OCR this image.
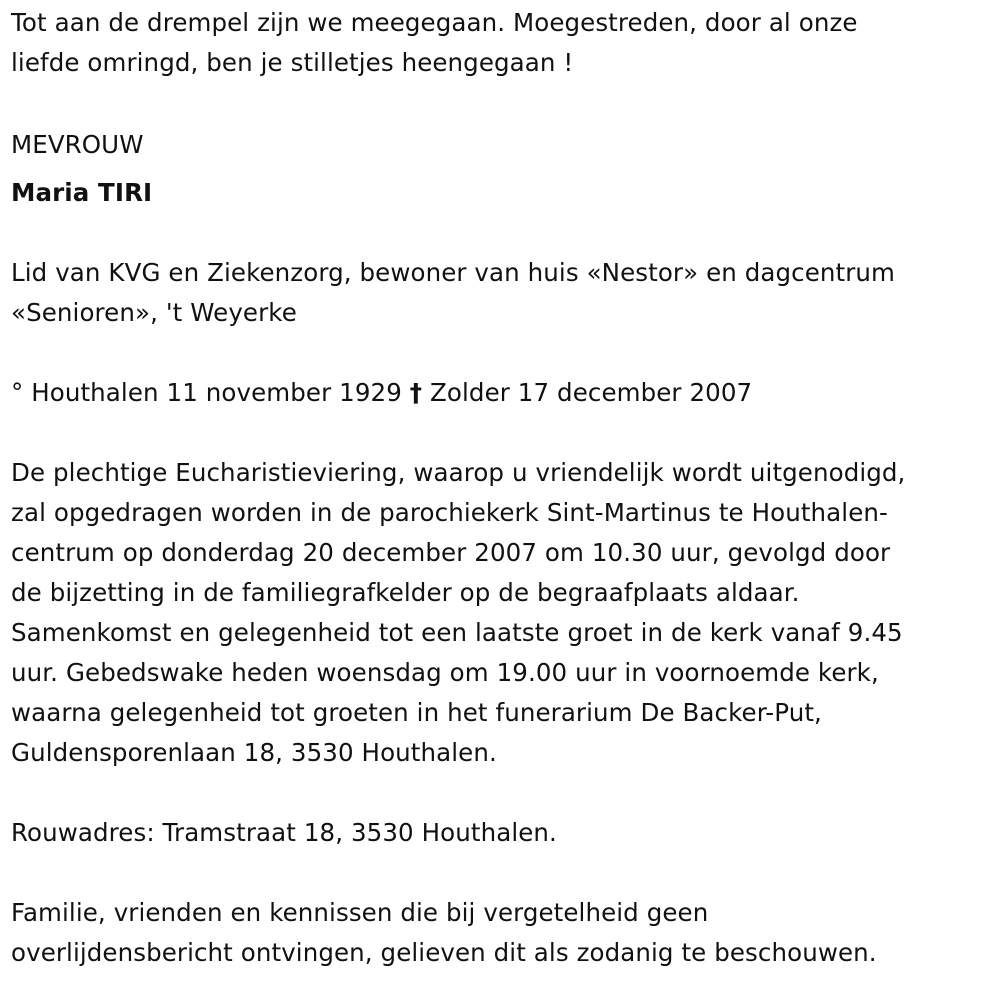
Tot aan de drempel zijn we meegegaan. Moegestreden, door al onze
liefde omringd, ben je stilletjes heengegaan !
MEVROUW
Maria TIRI
Lid van KVG en Ziekenzorg, bewoner van huis «Nestor» en dagcentrum
«Senioren», 't Weyerke
° Houthalen 11 november 1929 † Zolder 17 december 2007
De plechtige Eucharistieviering, waarop u vriendelijk wordt uitgenodigd,
zal opgedragen worden in de parochiekerk Sint-Martinus te Houthalen-
centrum op donderdag 20 december 2007 om 10.30 uur, gevolgd door
de bijzetting in de familiegrafkelder op de begraafplaats aldaar.
Samenkomst en gelegenheid tot een laatste groet in de kerk vanaf 9.45
uur. Gebedswake heden woensdag om 19.00 uur in voornoemde kerk,
waarna gelegenheid tot groeten in het funerarium De Backer-Put,
Guldensporenlaan 18, 3530 Houthalen.
Rouwadres: Tramstraat 18, 3530 Houthalen.
Familie, vrienden en kennissen die bij vergetelheid geen
overlijdensbericht ontvingen, gelieven dit als zodanig te beschouwen.
